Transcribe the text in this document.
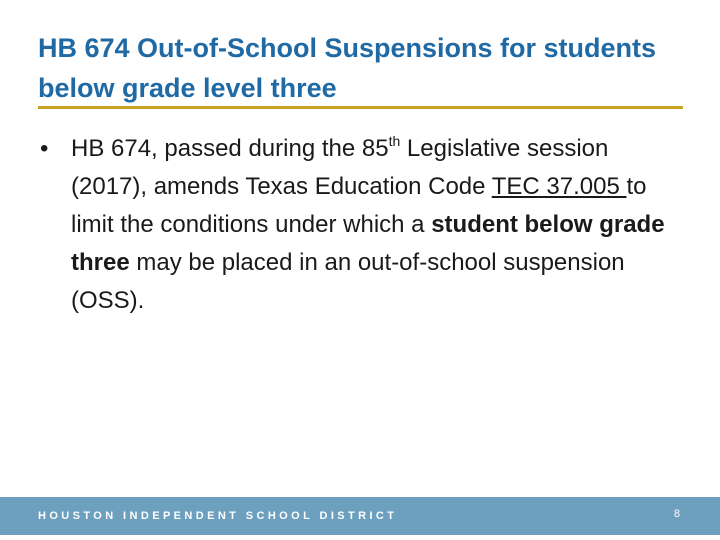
HB 674 Out-of-School Suspensions for students below grade level three
• HB 674, passed during the 85th Legislative session (2017), amends Texas Education Code TEC 37.005 to limit the conditions under which a student below grade three may be placed in an out-of-school suspension (OSS).
HOUSTON INDEPENDENT SCHOOL DISTRICT	8
